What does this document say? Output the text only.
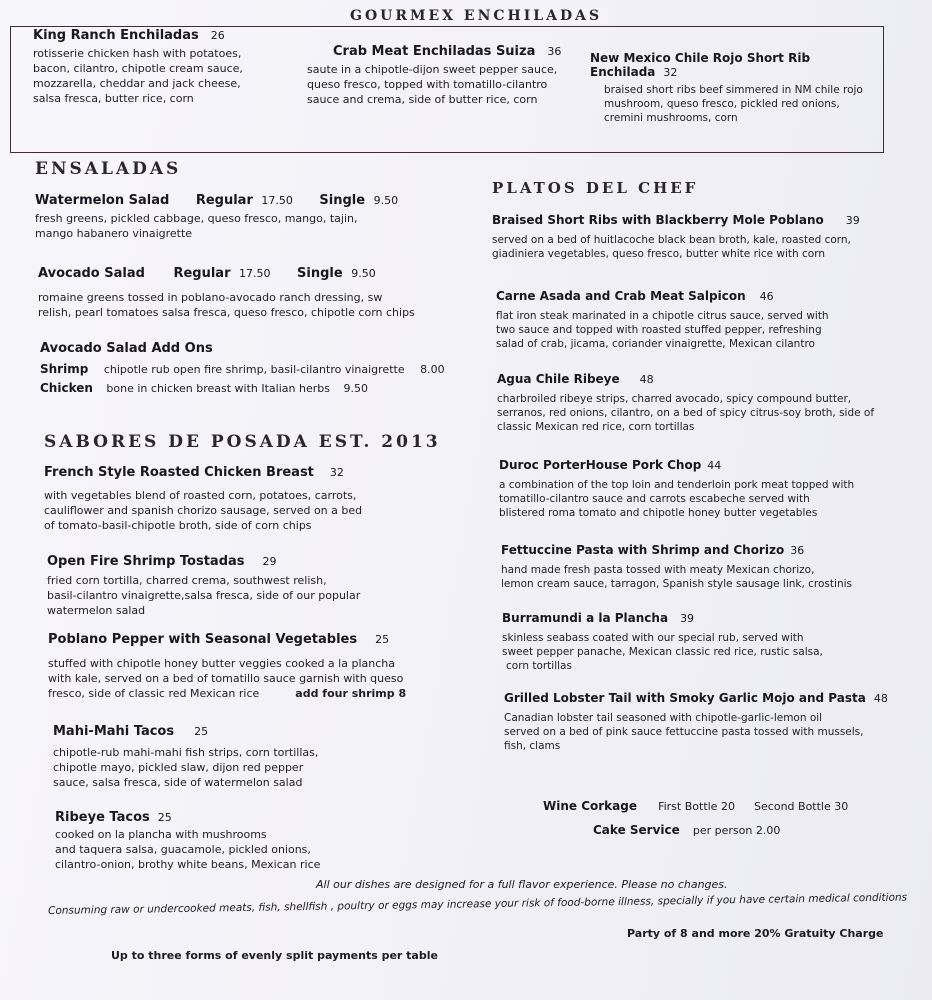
GOURMEX ENCHILADAS
King Ranch Enchiladas 26
rotisserie chicken hash with potatoes,
bacon, cilantro, chipotle cream sauce,
mozzarella, cheddar and jack cheese,
salsa fresca, butter rice, corn
Crab Meat Enchiladas Suiza 36
saute in a chipotle-dijon sweet pepper sauce,
queso fresco, topped with tomatillo-cilantro
sauce and crema, side of butter rice, corn
New Mexico Chile Rojo Short Rib Enchilada 32
braised short ribs beef simmered in NM chile rojo
mushroom, queso fresco, pickled red onions,
cremini mushrooms, corn
ENSALADAS
Watermelon Salad Regular 17.50 Single 9.50
fresh greens, pickled cabbage, queso fresco, mango, tajin,
mango habanero vinaigrette
Avocado Salad Regular 17.50 Single 9.50
romaine greens tossed in poblano-avocado ranch dressing, sw
relish, pearl tomatoes salsa fresca, queso fresco, chipotle corn chips
Avocado Salad Add Ons
Shrimp chipotle rub open fire shrimp, basil-cilantro vinaigrette 8.00
Chicken bone in chicken breast with Italian herbs 9.50
SABORES DE POSADA EST. 2013
French Style Roasted Chicken Breast 32
with vegetables blend of roasted corn, potatoes, carrots,
cauliflower and spanish chorizo sausage, served on a bed
of tomato-basil-chipotle broth, side of corn chips
Open Fire Shrimp Tostadas 29
fried corn tortilla, charred crema, southwest relish,
basil-cilantro vinaigrette,salsa fresca, side of our popular
watermelon salad
Poblano Pepper with Seasonal Vegetables 25
stuffed with chipotle honey butter veggies cooked a la plancha
with kale, served on a bed of tomatillo sauce garnish with queso
fresco, side of classic red Mexican rice	add four shrimp 8
Mahi-Mahi Tacos 25
chipotle-rub mahi-mahi fish strips, corn tortillas,
chipotle mayo, pickled slaw, dijon red pepper
sauce, salsa fresca, side of watermelon salad
Ribeye Tacos 25
cooked on la plancha with mushrooms
and taquera salsa, guacamole, pickled onions,
cilantro-onion, brothy white beans, Mexican rice
PLATOS DEL CHEF
Braised Short Ribs with Blackberry Mole Poblano 39
served on a bed of huitlacoche black bean broth, kale, roasted corn,
giadiniera vegetables, queso fresco, butter white rice with corn
Carne Asada and Crab Meat Salpicon 46
flat iron steak marinated in a chipotle citrus sauce, served with
two sauce and topped with roasted stuffed pepper, refreshing
salad of crab, jicama, coriander vinaigrette, Mexican cilantro
Agua Chile Ribeye 48
charbroiled ribeye strips, charred avocado, spicy compound butter,
serranos, red onions, cilantro, on a bed of spicy citrus-soy broth, side of
classic Mexican red rice, corn tortillas
Duroc PorterHouse Pork Chop 44
a combination of the top loin and tenderloin pork meat topped with
tomatillo-cilantro sauce and carrots escabeche served with
blistered roma tomato and chipotle honey butter vegetables
Fettuccine Pasta with Shrimp and Chorizo 36
hand made fresh pasta tossed with meaty Mexican chorizo,
lemon cream sauce, tarragon, Spanish style sausage link, crostinis
Burramundi a la Plancha 39
skinless seabass coated with our special rub, served with
sweet pepper panache, Mexican classic red rice, rustic salsa,
corn tortillas
Grilled Lobster Tail with Smoky Garlic Mojo and Pasta 48
Canadian lobster tail seasoned with chipotle-garlic-lemon oil
served on a bed of pink sauce fettuccine pasta tossed with mussels,
fish, clams
Wine Corkage First Bottle 20 Second Bottle 30
Cake Service per person 2.00
All our dishes are designed for a full flavor experience. Please no changes.
Consuming raw or undercooked meats, fish, shellfish , poultry or eggs may increase your risk of food-borne illness, specially if you have certain medical conditions
Party of 8 and more 20% Gratuity Charge
Up to three forms of evenly split payments per table
